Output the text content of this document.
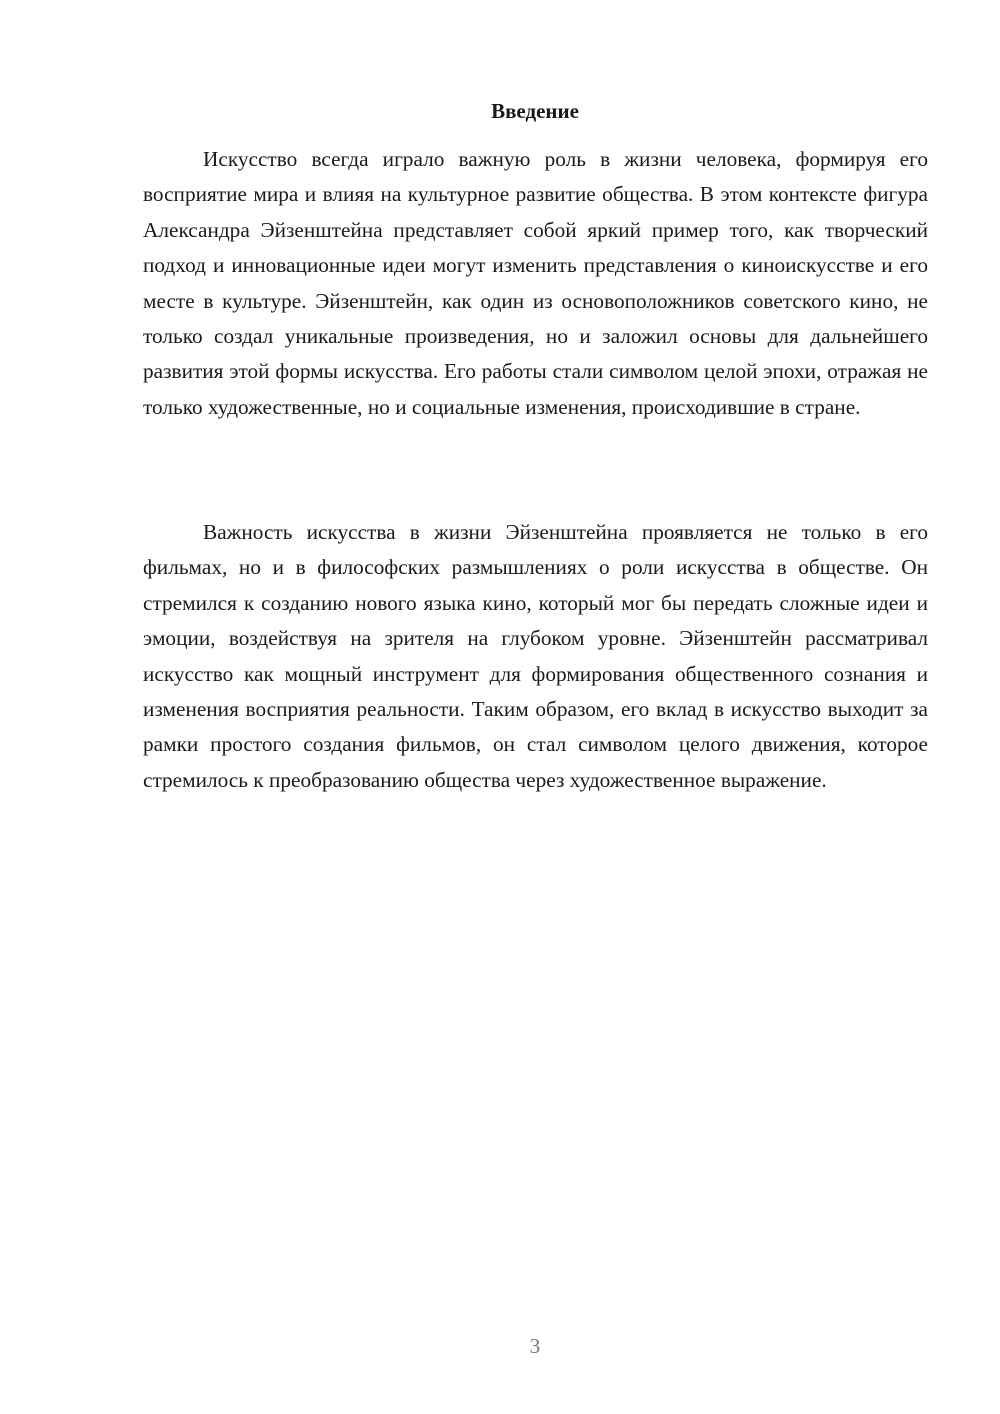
Введение

Искусство всегда играло важную роль в жизни человека, формируя его восприятие мира и влияя на культурное развитие общества. В этом контексте фигура Александра Эйзенштейна представляет собой яркий пример того, как творческий подход и инновационные идеи могут изменить представления о киноискусстве и его месте в культуре. Эйзенштейн, как один из основоположников советского кино, не только создал уникальные произведения, но и заложил основы для дальнейшего развития этой формы искусства. Его работы стали символом целой эпохи, отражая не только художественные, но и социальные изменения, происходившие в стране.

Важность искусства в жизни Эйзенштейна проявляется не только в его фильмах, но и в философских размышлениях о роли искусства в обществе. Он стремился к созданию нового языка кино, который мог бы передать сложные идеи и эмоции, воздействуя на зрителя на глубоком уровне. Эйзенштейн рассматривал искусство как мощный инструмент для формирования общественного сознания и изменения восприятия реальности. Таким образом, его вклад в искусство выходит за рамки простого создания фильмов, он стал символом целого движения, которое стремилось к преобразованию общества через художественное выражение.

3
